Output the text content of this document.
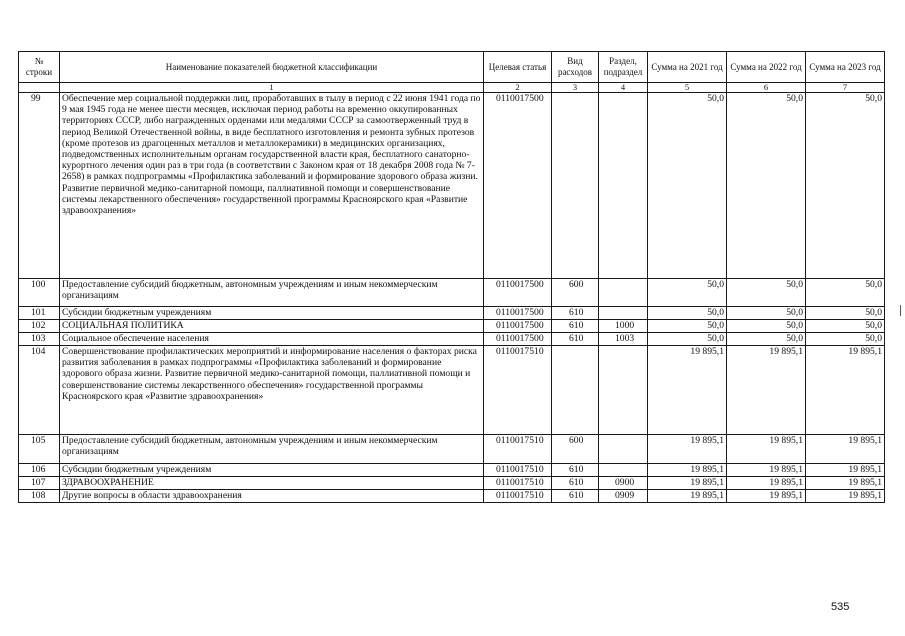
№ строки	Наименование показателей бюджетной классификации	Целевая статья	Вид расходов	Раздел, подраздел	Сумма на 2021 год	Сумма на 2022 год	Сумма на 2023 год
	1	2	3	4	5	6	7
99	Обеспечение мер социальной поддержки лиц, проработавших в тылу в период с 22 июня 1941 года по 9 мая 1945 года не менее шести месяцев, исключая период работы на временно оккупированных территориях СССР, либо награжденных орденами или медалями СССР за самоотверженный труд в период Великой Отечественной войны, в виде бесплатного изготовления и ремонта зубных протезов (кроме протезов из драгоценных металлов и металлокерамики) в медицинских организациях, подведомственных исполнительным органам государственной власти края, бесплатного санаторно-курортного лечения один раз в три года (в соответствии с Законом края от 18 декабря 2008 года № 7-2658) в рамках подпрограммы «Профилактика заболеваний и формирование здорового образа жизни. Развитие первичной медико-санитарной помощи, паллиативной помощи и совершенствование системы лекарственного обеспечения» государственной программы Красноярского края «Развитие здравоохранения»	0110017500			50,0	50,0	50,0
100	Предоставление субсидий бюджетным, автономным учреждениям и иным некоммерческим организациям	0110017500	600		50,0	50,0	50,0
101	Субсидии бюджетным учреждениям	0110017500	610		50,0	50,0	50,0
102	СОЦИАЛЬНАЯ ПОЛИТИКА	0110017500	610	1000	50,0	50,0	50,0
103	Социальное обеспечение населения	0110017500	610	1003	50,0	50,0	50,0
104	Совершенствование профилактических мероприятий и информирование населения о факторах риска развития заболевания в рамках подпрограммы «Профилактика заболеваний и формирование здорового образа жизни. Развитие первичной медико-санитарной помощи, паллиативной помощи и совершенствование системы лекарственного обеспечения» государственной программы Красноярского края «Развитие здравоохранения»	0110017510			19 895,1	19 895,1	19 895,1
105	Предоставление субсидий бюджетным, автономным учреждениям и иным некоммерческим организациям	0110017510	600		19 895,1	19 895,1	19 895,1
106	Субсидии бюджетным учреждениям	0110017510	610		19 895,1	19 895,1	19 895,1
107	ЗДРАВООХРАНЕНИЕ	0110017510	610	0900	19 895,1	19 895,1	19 895,1
108	Другие вопросы в области здравоохранения	0110017510	610	0909	19 895,1	19 895,1	19 895,1
535
